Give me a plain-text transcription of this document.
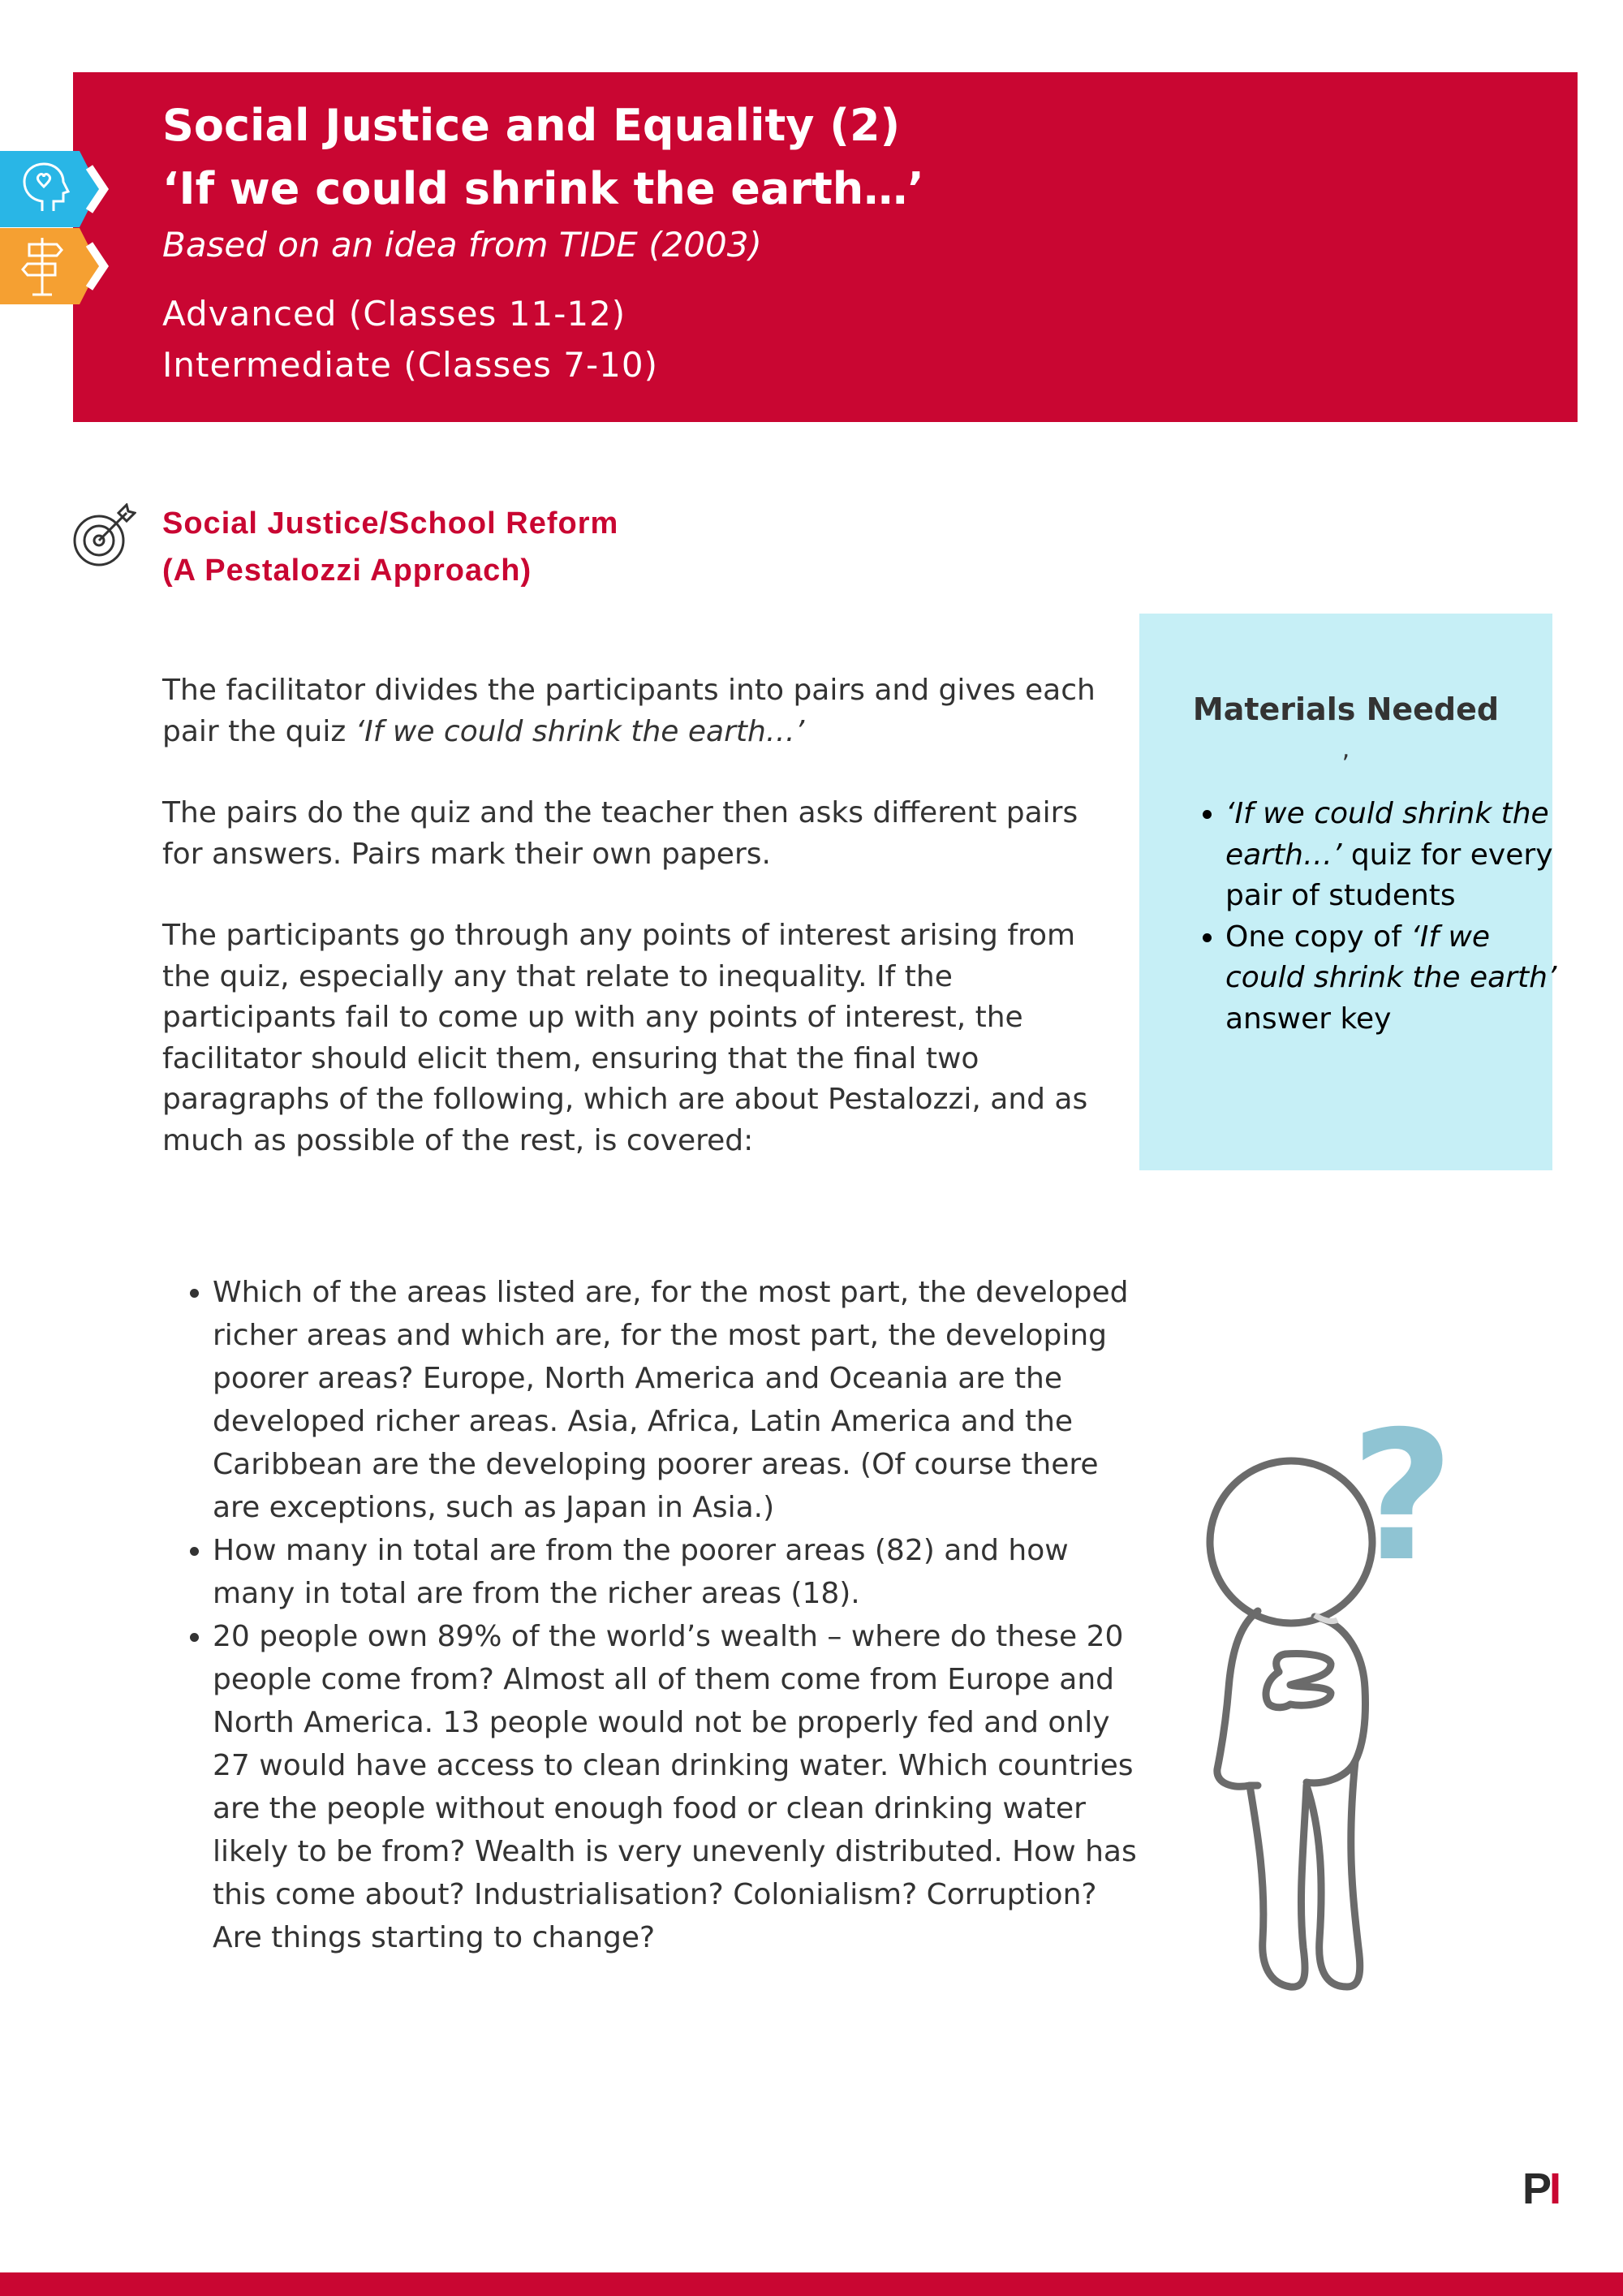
Social Justice and Equality (2)
‘If we could shrink the earth…’
Based on an idea from TIDE (2003)
Advanced (Classes 11-12)
Intermediate (Classes 7-10)
Social Justice/School Reform
(A Pestalozzi Approach)

The facilitator divides the participants into pairs and gives each pair the quiz ‘If we could shrink the earth…’

The pairs do the quiz and the teacher then asks different pairs for answers. Pairs mark their own papers.

The participants go through any points of interest arising from the quiz, especially any that relate to inequality. If the participants fail to come up with any points of interest, the facilitator should elicit them, ensuring that the final two paragraphs of the following, which are about Pestalozzi, and as much as possible of the rest, is covered:

Materials Needed
,
• ‘If we could shrink the earth…’ quiz for every pair of students
• One copy of ‘If we could shrink the earth’ answer key
• Which of the areas listed are, for the most part, the developed richer areas and which are, for the most part, the developing poorer areas? Europe, North America and Oceania are the developed richer areas. Asia, Africa, Latin America and the Caribbean are the developing poorer areas. (Of course there are exceptions, such as Japan in Asia.)
• How many in total are from the poorer areas (82) and how many in total are from the richer areas (18).
• 20 people own 89% of the world’s wealth – where do these 20 people come from? Almost all of them come from Europe and North America. 13 people would not be properly fed and only 27 would have access to clean drinking water. Which countries are the people without enough food or clean drinking water likely to be from? Wealth is very unevenly distributed. How has this come about? Industrialisation? Colonialism? Corruption? Are things starting to change?
?
PI
